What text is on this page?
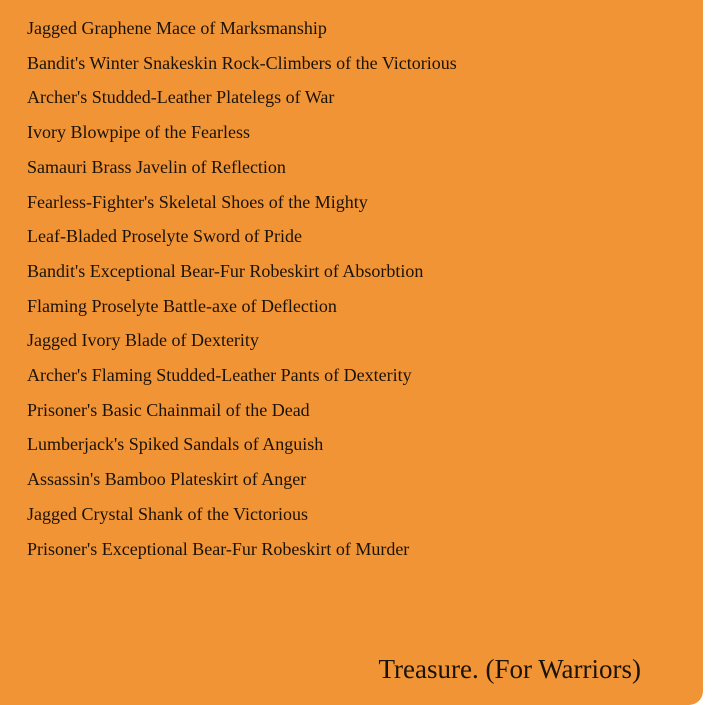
Jagged Graphene Mace of Marksmanship
Bandit's Winter Snakeskin Rock-Climbers of the Victorious
Archer's Studded-Leather Platelegs of War
Ivory Blowpipe of the Fearless
Samauri Brass Javelin of Reflection
Fearless-Fighter's Skeletal Shoes of the Mighty
Leaf-Bladed Proselyte Sword of Pride
Bandit's Exceptional Bear-Fur Robeskirt of Absorbtion
Flaming Proselyte Battle-axe of Deflection
Jagged Ivory Blade of Dexterity
Archer's Flaming Studded-Leather Pants of Dexterity
Prisoner's Basic Chainmail of the Dead
Lumberjack's Spiked Sandals of Anguish
Assassin's Bamboo Plateskirt of Anger
Jagged Crystal Shank of the Victorious
Prisoner's Exceptional Bear-Fur Robeskirt of Murder
Treasure. (For Warriors)
